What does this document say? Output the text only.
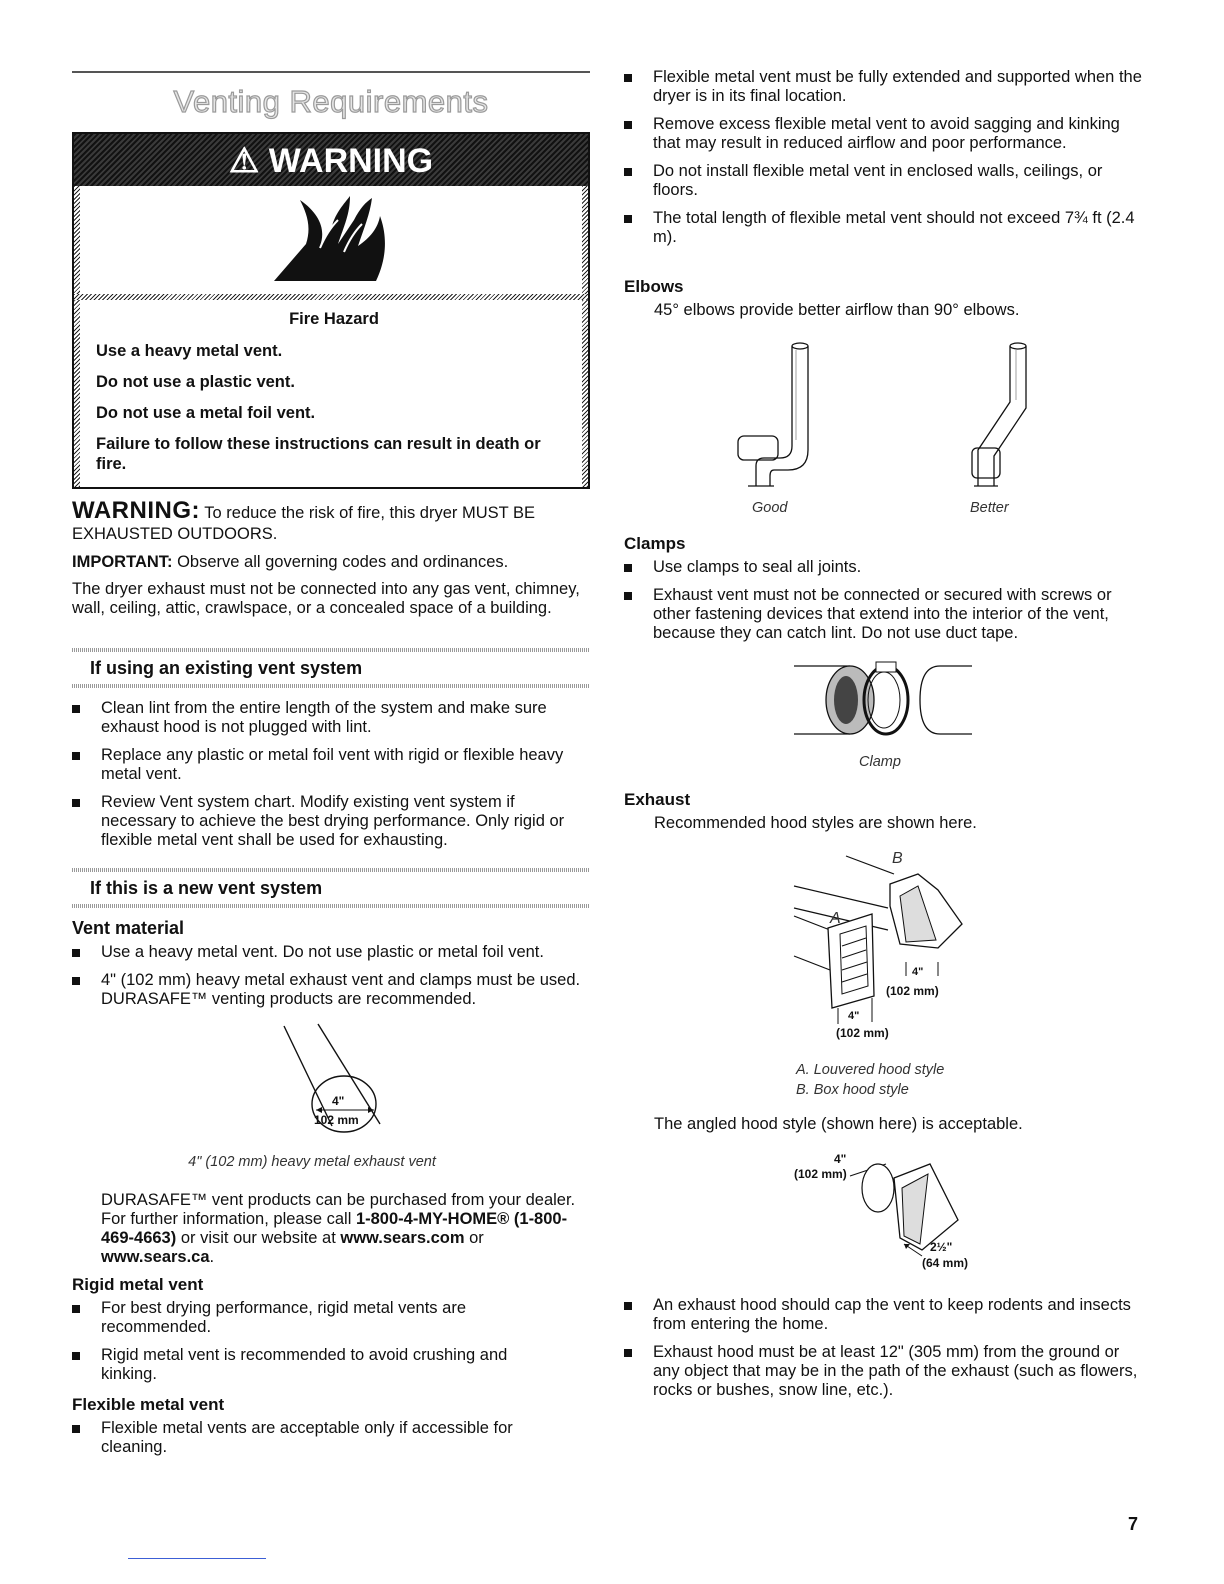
Venting Requirements
⚠ WARNING
Fire Hazard
Use a heavy metal vent.
Do not use a plastic vent.
Do not use a metal foil vent.
Failure to follow these instructions can result in death or fire.

WARNING: To reduce the risk of fire, this dryer MUST BE EXHAUSTED OUTDOORS.

IMPORTANT: Observe all governing codes and ordinances.

The dryer exhaust must not be connected into any gas vent, chimney, wall, ceiling, attic, crawlspace, or a concealed space of a building.

If using an existing vent system
Clean lint from the entire length of the system and make sure exhaust hood is not plugged with lint.
Replace any plastic or metal foil vent with rigid or flexible heavy metal vent.
Review Vent system chart. Modify existing vent system if necessary to achieve the best drying performance. Only rigid or flexible metal vent shall be used for exhausting.
If this is a new vent system
Vent material
Use a heavy metal vent. Do not use plastic or metal foil vent.
4" (102 mm) heavy metal exhaust vent and clamps must be used. DURASAFE™ venting products are recommended.
4"
102 mm
4" (102 mm) heavy metal exhaust vent

DURASAFE™ vent products can be purchased from your dealer. For further information, please call 1-800-4-MY-HOME® (1-800-469-4663) or visit our website at www.sears.com or www.sears.ca.

Rigid metal vent
For best drying performance, rigid metal vents are recommended.
Rigid metal vent is recommended to avoid crushing and kinking.
Flexible metal vent
Flexible metal vents are acceptable only if accessible for cleaning.
Flexible metal vent must be fully extended and supported when the dryer is in its final location.
Remove excess flexible metal vent to avoid sagging and kinking that may result in reduced airflow and poor performance.
Do not install flexible metal vent in enclosed walls, ceilings, or floors.
The total length of flexible metal vent should not exceed 7¾ ft (2.4 m).
Elbows

45° elbows provide better airflow than 90° elbows.

Good	Better
Clamps
Use clamps to seal all joints.
Exhaust vent must not be connected or secured with screws or other fastening devices that extend into the interior of the vent, because they can catch lint. Do not use duct tape.
Clamp
Exhaust

Recommended hood styles are shown here.

B
A
4"
(102 mm)
4"
(102 mm)
A. Louvered hood style
B. Box hood style

The angled hood style (shown here) is acceptable.

4"
(102 mm)
2½"
(64 mm)
An exhaust hood should cap the vent to keep rodents and insects from entering the home.
Exhaust hood must be at least 12" (305 mm) from the ground or any object that may be in the path of the exhaust (such as flowers, rocks or bushes, snow line, etc.).
7
